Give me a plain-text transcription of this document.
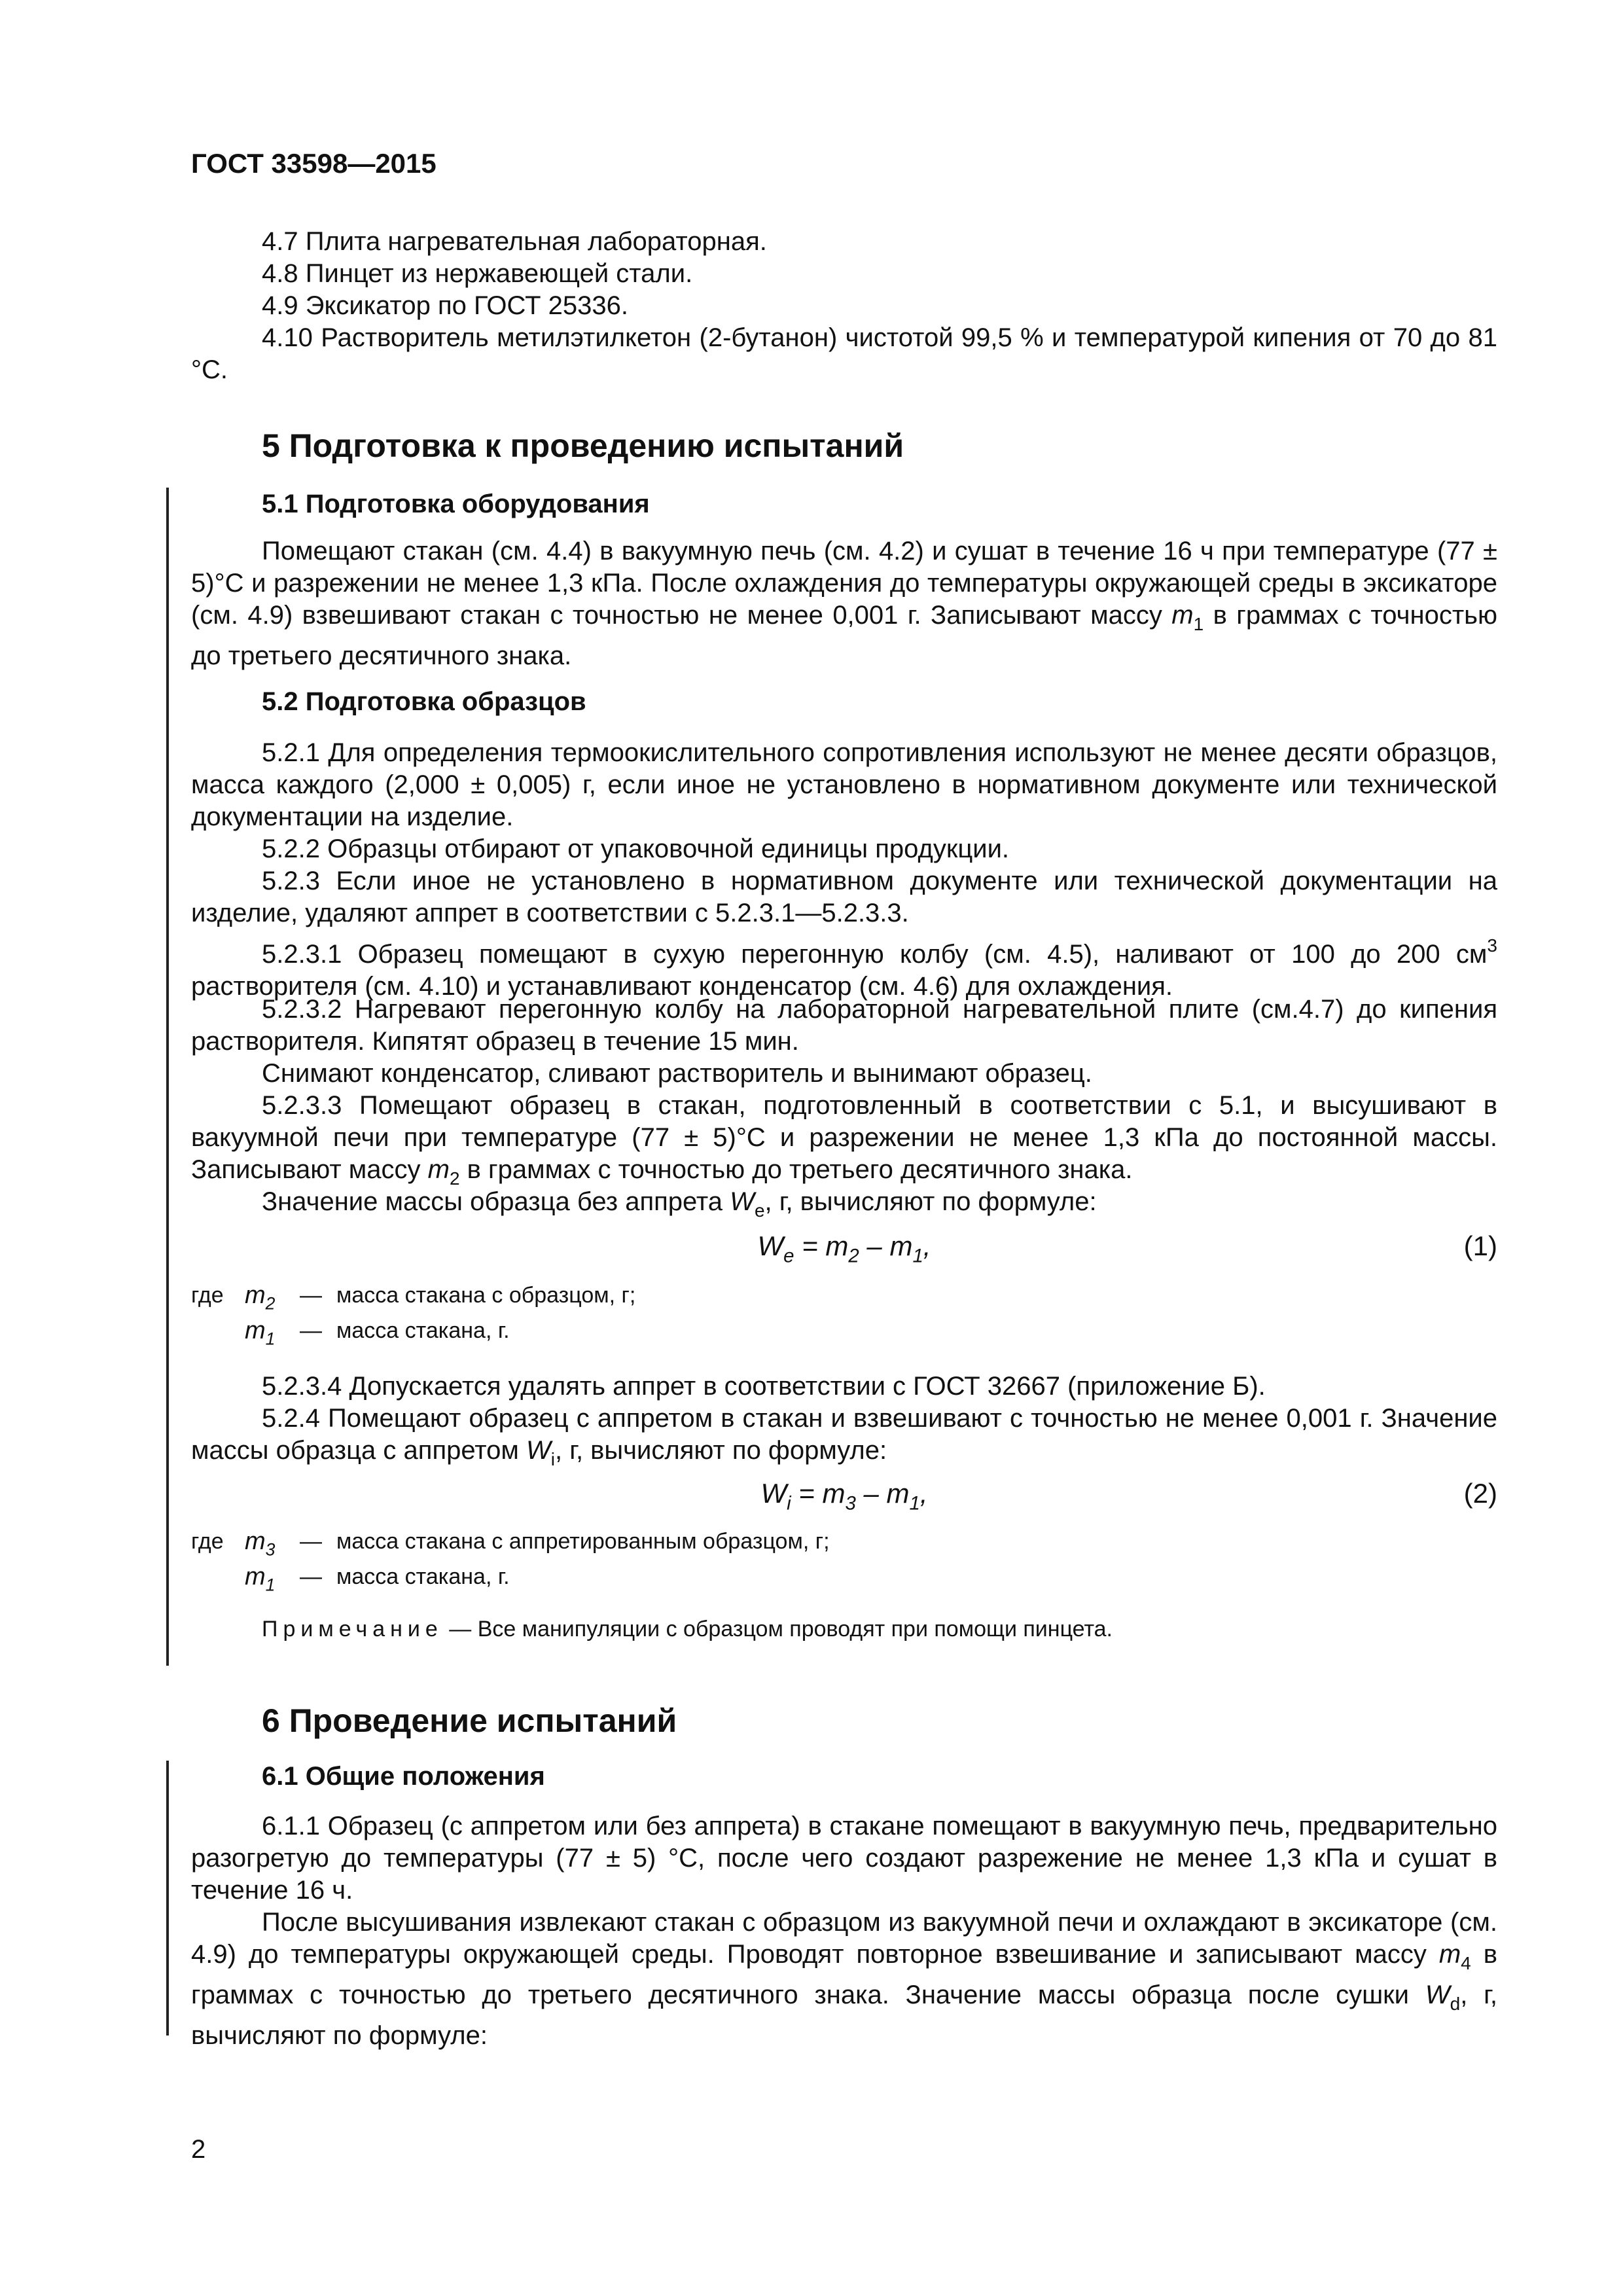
ГОСТ 33598—2015

4.7 Плита нагревательная лабораторная.

4.8 Пинцет из нержавеющей стали.

4.9 Эксикатор по ГОСТ 25336.

4.10 Растворитель метилэтилкетон (2-бутанон) чистотой 99,5 % и температурой кипения от 70 до 81 °С.

5 Подготовка к проведению испытаний
5.1 Подготовка оборудования

Помещают стакан (см. 4.4) в вакуумную печь (см. 4.2) и сушат в течение 16 ч при температуре (77 ± 5)°С и разрежении не менее 1,3 кПа. После охлаждения до температуры окружающей среды в эксикаторе (см. 4.9) взвешивают стакан с точностью не менее 0,001 г. Записывают массу $m_1$ в граммах с точностью до третьего десятичного знака.

5.2 Подготовка образцов

5.2.1 Для определения термоокислительного сопротивления используют не менее десяти образцов, масса каждого (2,000 ± 0,005) г, если иное не установлено в нормативном документе или технической документации на изделие.

5.2.2 Образцы отбирают от упаковочной единицы продукции.

5.2.3 Если иное не установлено в нормативном документе или технической документации на изделие, удаляют аппрет в соответствии с 5.2.3.1—5.2.3.3.

5.2.3.1 Образец помещают в сухую перегонную колбу (см. 4.5), наливают от 100 до 200 $см^3$ растворителя (см. 4.10) и устанавливают конденсатор (см. 4.6) для охлаждения.

5.2.3.2 Нагревают перегонную колбу на лабораторной нагревательной плите (см.4.7) до кипения растворителя. Кипятят образец в течение 15 мин.

Снимают конденсатор, сливают растворитель и вынимают образец.

5.2.3.3 Помещают образец в стакан, подготовленный в соответствии с 5.1, и высушивают в вакуумной печи при температуре (77 ± 5)°С и разрежении не менее 1,3 кПа до постоянной массы. Записывают массу $m_2$ в граммах с точностью до третьего десятичного знака.

Значение массы образца без аппрета $W_e$, г, вычисляют по формуле:

$W_e = m_2 - m_1$,	(1)
где $m_2$	— масса стакана с образцом, г;
$m_1$	— масса стакана, г.

5.2.3.4 Допускается удалять аппрет в соответствии с ГОСТ 32667 (приложение Б).

5.2.4 Помещают образец с аппретом в стакан и взвешивают с точностью не менее 0,001 г. Значение массы образца с аппретом $W_i$, г, вычисляют по формуле:

$W_i = m_3 - m_1$,	(2)
где $m_3$	— масса стакана с аппретированным образцом, г;
$m_1$	— масса стакана, г.
Примечание — Все манипуляции с образцом проводят при помощи пинцета.
6 Проведение испытаний
6.1 Общие положения

6.1.1 Образец (с аппретом или без аппрета) в стакане помещают в вакуумную печь, предварительно разогретую до температуры (77 ± 5) °С, после чего создают разрежение не менее 1,3 кПа и сушат в течение 16 ч.

После высушивания извлекают стакан с образцом из вакуумной печи и охлаждают в эксикаторе (см. 4.9) до температуры окружающей среды. Проводят повторное взвешивание и записывают массу $m_4$ в граммах с точностью до третьего десятичного знака. Значение массы образца после сушки $W_d$, г, вычисляют по формуле:

2
